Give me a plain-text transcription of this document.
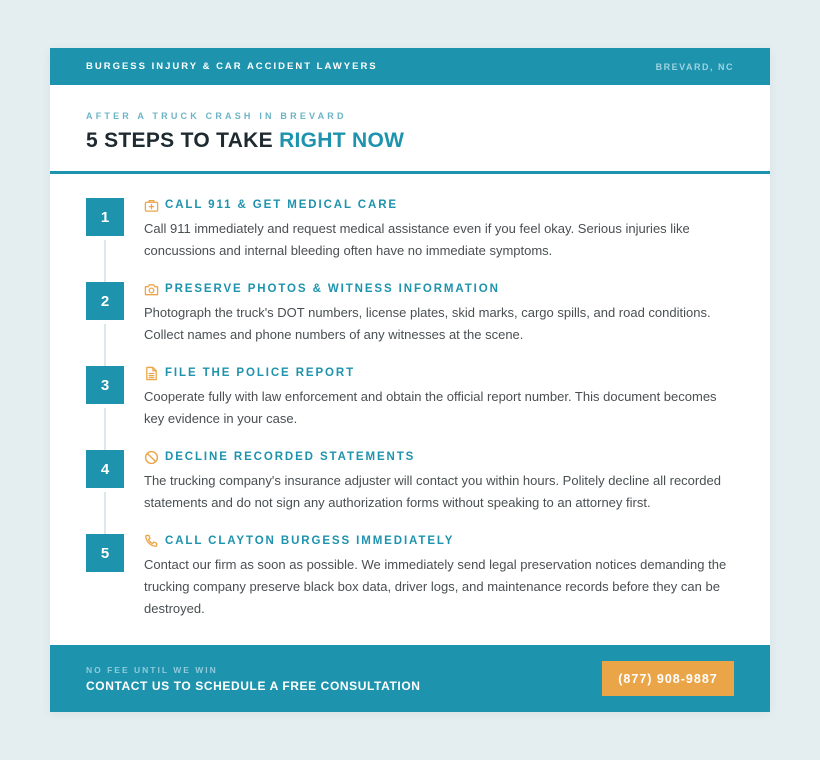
BURGESS INJURY & CAR ACCIDENT LAWYERS	BREVARD, NC
AFTER A TRUCK CRASH IN BREVARD
5 STEPS TO TAKE RIGHT NOW
1
CALL 911 & GET MEDICAL CARE
Call 911 immediately and request medical assistance even if you feel okay. Serious injuries like concussions and internal bleeding often have no immediate symptoms.
2
PRESERVE PHOTOS & WITNESS INFORMATION
Photograph the truck's DOT numbers, license plates, skid marks, cargo spills, and road conditions. Collect names and phone numbers of any witnesses at the scene.
3
FILE THE POLICE REPORT
Cooperate fully with law enforcement and obtain the official report number. This document becomes key evidence in your case.
4
DECLINE RECORDED STATEMENTS
The trucking company's insurance adjuster will contact you within hours. Politely decline all recorded statements and do not sign any authorization forms without speaking to an attorney first.
5
CALL CLAYTON BURGESS IMMEDIATELY
Contact our firm as soon as possible. We immediately send legal preservation notices demanding the trucking company preserve black box data, driver logs, and maintenance records before they can be destroyed.
NO FEE UNTIL WE WIN
CONTACT US TO SCHEDULE A FREE CONSULTATION	(877) 908-9887
